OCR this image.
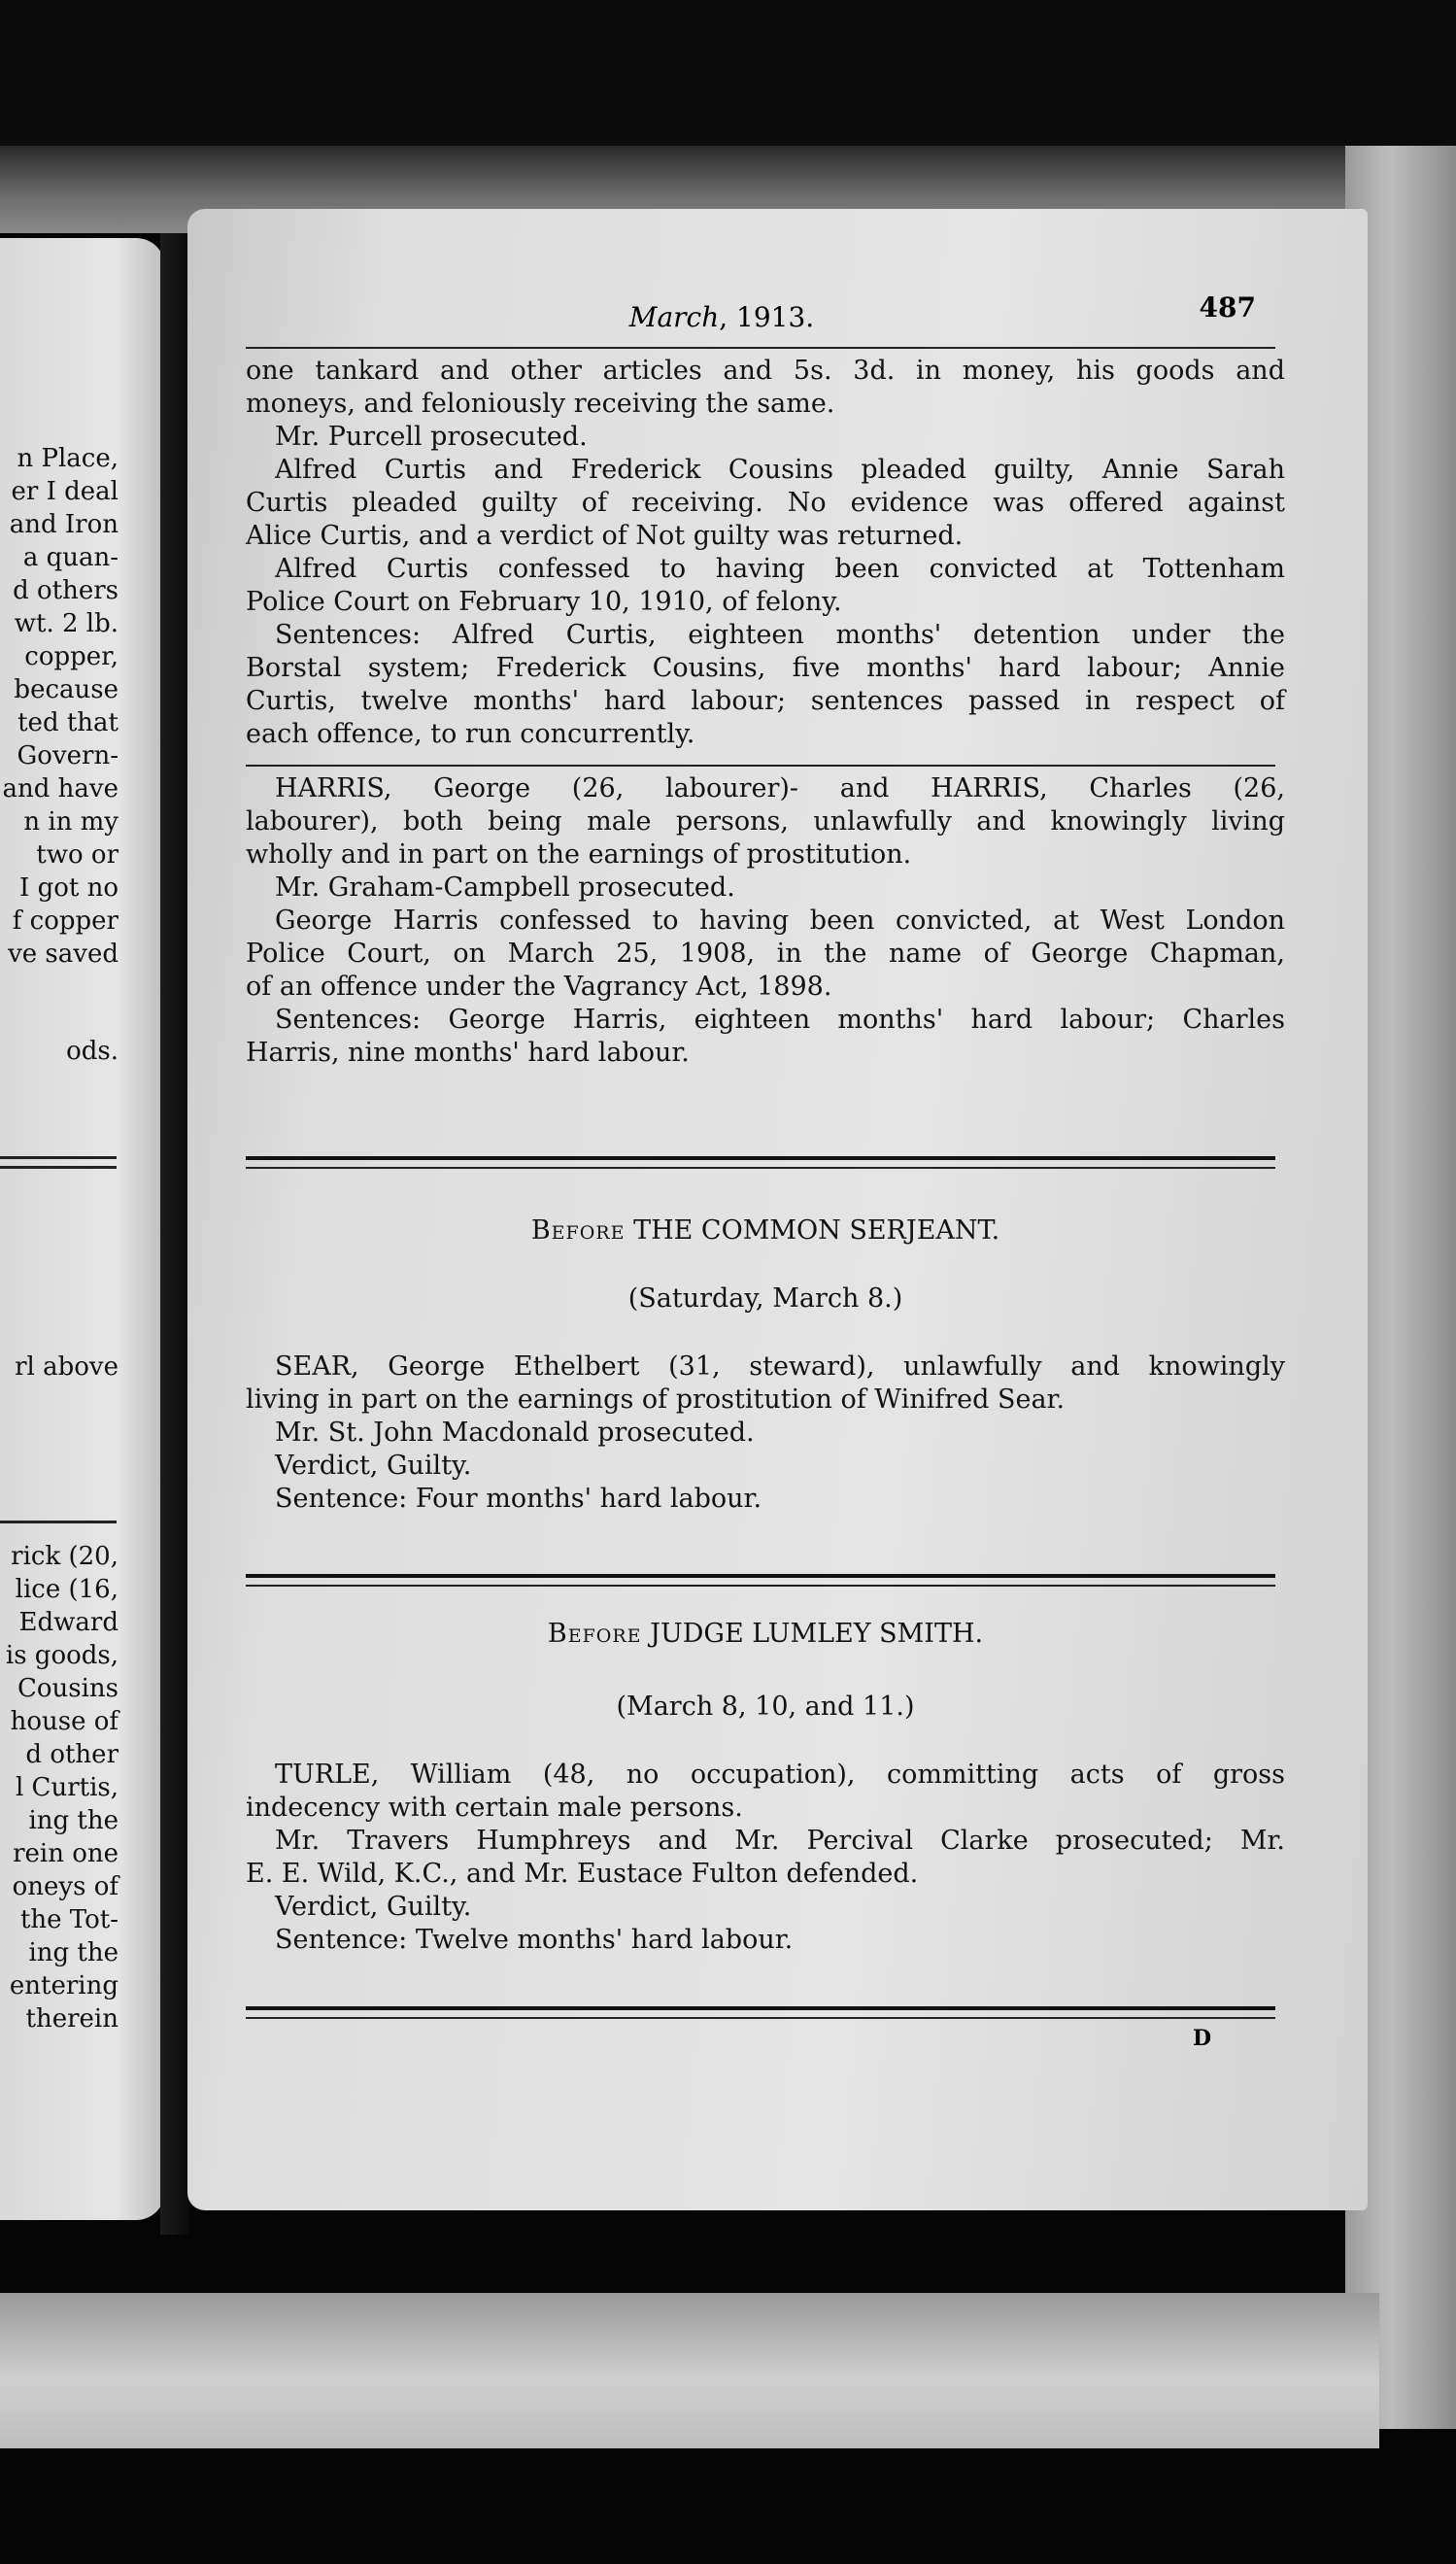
n Place,
er I deal
and Iron
a quan-
d others
wt. 2 lb.
copper,
because
ted that
Govern-
and have
n in my
two or
I got no
f copper
ve saved
ods.
rl above
rick (20,
lice (16,
Edward
is goods,
Cousins
house of
d other
l Curtis,
ing the
rein one
oneys of
the Tot-
ing the
entering
therein
March, 1913.	487
one tankard and other articles and 5s. 3d. in money, his goods and
moneys, and feloniously receiving the same.
Mr. Purcell prosecuted.
Alfred Curtis and Frederick Cousins pleaded guilty, Annie Sarah
Curtis pleaded guilty of receiving. No evidence was offered against
Alice Curtis, and a verdict of Not guilty was returned.
Alfred Curtis confessed to having been convicted at Tottenham
Police Court on February 10, 1910, of felony.
Sentences: Alfred Curtis, eighteen months' detention under the
Borstal system; Frederick Cousins, five months' hard labour; Annie
Curtis, twelve months' hard labour; sentences passed in respect of
each offence, to run concurrently.
HARRIS, George (26, labourer)- and HARRIS, Charles (26,
labourer), both being male persons, unlawfully and knowingly living
wholly and in part on the earnings of prostitution.
Mr. Graham-Campbell prosecuted.
George Harris confessed to having been convicted, at West London
Police Court, on March 25, 1908, in the name of George Chapman,
of an offence under the Vagrancy Act, 1898.
Sentences: George Harris, eighteen months' hard labour; Charles
Harris, nine months' hard labour.
Before THE COMMON SERJEANT.
(Saturday, March 8.)
SEAR, George Ethelbert (31, steward), unlawfully and knowingly
living in part on the earnings of prostitution of Winifred Sear.
Mr. St. John Macdonald prosecuted.
Verdict, Guilty.
Sentence: Four months' hard labour.
Before JUDGE LUMLEY SMITH.
(March 8, 10, and 11.)
TURLE, William (48, no occupation), committing acts of gross
indecency with certain male persons.
Mr. Travers Humphreys and Mr. Percival Clarke prosecuted; Mr.
E. E. Wild, K.C., and Mr. Eustace Fulton defended.
Verdict, Guilty.
Sentence: Twelve months' hard labour.
D
